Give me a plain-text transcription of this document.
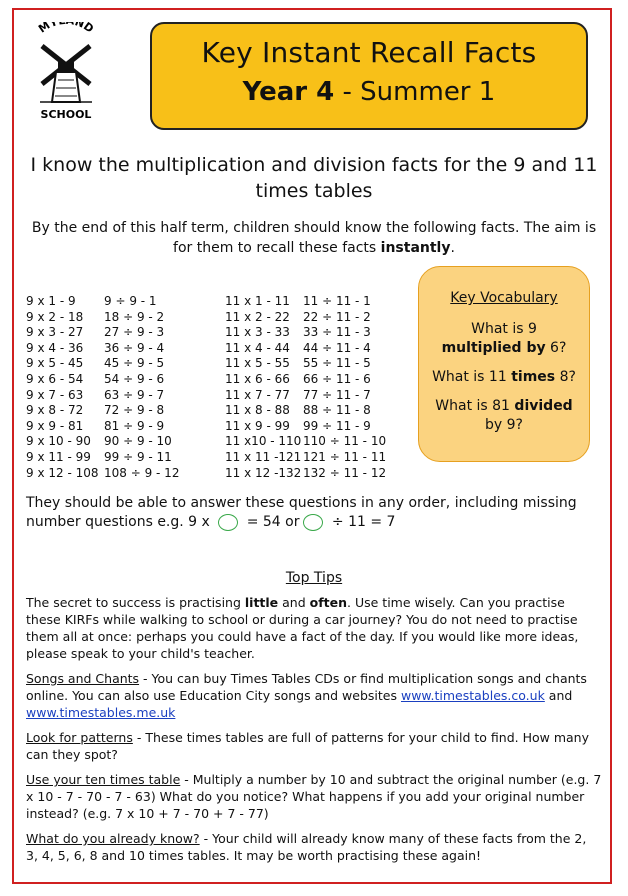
MY ND
SCHOOL
Key Instant Recall Facts
Year 4 - Summer 1
I know the multiplication and division facts for the 9 and 11 times tables
By the end of this half term, children should know the following facts. The aim is for them to recall these facts instantly.
9 x 1 - 9
9 x 2 - 18
9 x 3 - 27
9 x 4 - 36
9 x 5 - 45
9 x 6 - 54
9 x 7 - 63
9 x 8 - 72
9 x 9 - 81
9 x 10 - 90
9 x 11 - 99
9 x 12 - 108
9 ÷ 9 - 1
18 ÷ 9 - 2
27 ÷ 9 - 3
36 ÷ 9 - 4
45 ÷ 9 - 5
54 ÷ 9 - 6
63 ÷ 9 - 7
72 ÷ 9 - 8
81 ÷ 9 - 9
90 ÷ 9 - 10
99 ÷ 9 - 11
108 ÷ 9 - 12
11 x 1 - 11
11 x 2 - 22
11 x 3 - 33
11 x 4 - 44
11 x 5 - 55
11 x 6 - 66
11 x 7 - 77
11 x 8 - 88
11 x 9 - 99
11 x10 - 110
11 x 11 -121
11 x 12 -132
11 ÷ 11 - 1
22 ÷ 11 - 2
33 ÷ 11 - 3
44 ÷ 11 - 4
55 ÷ 11 - 5
66 ÷ 11 - 6
77 ÷ 11 - 7
88 ÷ 11 - 8
99 ÷ 11 - 9
110 ÷ 11 - 10
121 ÷ 11 - 11
132 ÷ 11 - 12
Key Vocabulary
What is 9
multiplied by 6?
What is 11 times 8?
What is 81 divided
by 9?
They should be able to answer these questions in any order, including missing number questions e.g. 9 x  = 54 or ÷ 11 = 7
Top Tips

The secret to success is practising little and often. Use time wisely. Can you practise these KIRFs while walking to school or during a car journey? You do not need to practise them all at once: perhaps you could have a fact of the day. If you would like more ideas, please speak to your child's teacher.

Songs and Chants - You can buy Times Tables CDs or find multiplication songs and chants online. You can also use Education City songs and websites www.timestables.co.uk and www.timestables.me.uk

Look for patterns - These times tables are full of patterns for your child to find. How many can they spot?

Use your ten times table - Multiply a number by 10 and subtract the original number (e.g. 7 x 10 - 7 - 70 - 7 - 63) What do you notice? What happens if you add your original number instead? (e.g. 7 x 10 + 7 - 70 + 7 - 77)

What do you already know? - Your child will already know many of these facts from the 2, 3, 4, 5, 6, 8 and 10 times tables. It may be worth practising these again!
